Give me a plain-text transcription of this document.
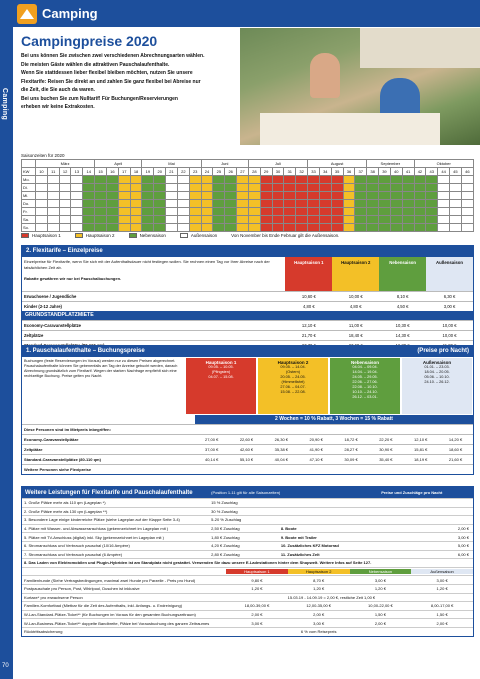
Camping
70
Camping
Campingpreise 2020

Bei uns können Sie zwischen zwei verschiedenen Abrechnungsarten wählen.
Die meisten Gäste wählen die attraktiven Pauschalaufenthalte.
Wenn Sie stattdessen lieber flexibel bleiben möchten, nutzen Sie unsere
Flexitarife: Reisen Sie direkt an und zahlen Sie ganz flexibel bei Abreise nur
die Zeit, die Sie auch da waren.
Bei uns buchen Sie zum Nulltarif! Für Buchungen/Reservierungen
erheben wir keine Extrakosten.

Saisonzeiten für 2020
	März					April				Mai					Juni				Juli					August					September				Oktober				
KW	10	11	12	13	14	15	16	17	18	19	20	21	22	23	24	25	26	27	28	29	30	31	32	33	34	35	36	37	38	39	40	41	42	43	44	45	46
Mo.																																					
Di.																																					
Mi.																																					
Do.																																					
Fr.																																					
Sa.																																					
So.																																					
Hauptsaison 1	Hauptsaison 2	Nebensaison	Außensaison	Von November bis Ende Februar gilt die Außensaison.
2. Flexitarife – Einzelpreise
Einzelpreise für Flexitarife, wenn Sie sich mit der Aufenthaltsdauer nicht festlegen wollen. Sie rechnen einen Tag vor Ihrer Abreise nach der tatsächlichen Zeit ab.

Rabatte gewähren wir nur bei Pauschalbuchungen.
Hauptsaison 1	Hauptsaison 2	Nebensaison	Außensaison
Erwachsene / Jugendliche	10,60 €	10,00 €	8,10 €	6,30 €
Kinder (2-12 Jahre)	4,80 €	4,80 €	4,50 €	3,00 €
GRUNDSTANDPLATZMIETE
Economy-Caravanstellplätze	12,10 €	11,00 €	10,30 €	10,00 €
Zeltplätze	21,70 €	18,40 €	14,30 €	10,00 €
1. Pauschalaufenthalte – Buchungspreise	(Preise pro Nacht)
Buchungen (feste Reservierungen im Voraus) werden nur zu diesen Preisen abgerechnet. Pauschalaufenthalte können Sie gebenenfalls am Tag der Anreise gebucht werden, danach Abrechnung grundsätzlich zum Flexitarif. Wegen der starken Nachfrage empfiehlt sich eine rechtzeitige Buchung. Preise gelten pro Nacht.
Hauptsaison 1
09.05. – 10.05.
(Pfingsten)
04.07. – 15.08.
Hauptsaison 2
09.05. – 14.04.
(Ostern)
20.05. – 24.05.
(Himmelfahrt)
27.06. – 04.07.
15.08. – 22.08.
Nebensaison
04.04. – 09.04.
14.04. – 19.04.
24.05. – 29.05.
22.06. – 27.06.
22.08. – 10.10.
10.10. – 24.10.
26.12. – 03.01.
Außensaison
01.01. – 23.03.
18.04. – 20.05.
05.06. – 10.10.
24.10. – 26.12.
2 Wochen = 10 % Rabatt, 3 Wochen = 15 % Rabatt
Diese Personen sind im Mietpreis inbegriffen:
Economy-Caravanstellplätze	27,00 €	22,60 €	26,30 €	20,90 €	18,72 €	22,20 €	12,10 €	14,20 €
Zeltplätze	37,00 €	42,60 €	35,38 €	41,90 €	28,27 €	30,90 €	15,81 €	18,60 €
Standard-Caravanstellplätze (80-110 qm)	40,14 €	55,10 €	40,04 €	47,10 €	30,09 €	35,40 €	18,19 €	21,60 €
Weitere Personen siehe Flexipreise
Weitere Leistungen für Flexitarife und Pauschalaufenthalte	(Position 1-11 gilt für alle Saisonzeiten)	Preise und Zuschläge pro Nacht
1. Große Plätze mehr als 110 qm (Lageplan *)	15 % Zuschlag
2. Große Plätze mehr als 130 qm (Lageplan **)	30 % Zuschlag
3. Besondere Lage einige kinderreiche Plätze (siehe Lageplan auf der Klappe Seite 3-4)	5-20 % Zuschlag
4. Plätze mit Wasser- und Abwasseranschluss (gekennzeichnet im Lageplan mit )	2,50 € Zuschlag	8. Boote	2,00 €
5. Plätze mit TV-Anschluss (digital) inkl. Sky (gekennzeichnet im Lageplan mit )	1,80 € Zuschlag	9. Boote mit Trailer	3,00 €
6. Stromanschluss und Verbrauch pauschal (10/16 Ampère)	4,20 € Zuschlag	10. Zusätzliches KFZ Motorrad	5,00 €
7. Stromanschluss und Verbrauch pauschal (6 Ampère)	2,80 € Zuschlag	11. Zusätzliches Zelt	6,00 €
8. Das Laden von Elektromobilen und Plugin-Hybriden ist am Standplatz nicht gestattet. Verwenden Sie dazu unsere E-Ladestationen hinter dem Shopwelt. Weitere Infos auf Seite 127.
Hauptsaison 1	Hauptsaison 2	Nebensaison	Außensaison
Familienhunde (Siehe Vertragsbedingungen, maximal zwei Hunde pro Parzelle - Preis pro Hund)	9,80 €	8,70 €	3,00 €	3,00 €
Postpauschale pro Person, Post, Whirlpool, Duschen ist inklusive	1,20 €	1,20 €	1,20 €	1,20 €
Kurtaxe* pro erwachsene Person	15.03.19 - 14.09.19 = 2,00 €, restliche Zeit 1,00 €
Familien-Komfortbad (Mietbar für die Zeit des Aufenthalts, inkl. Anfangs- u. Endreinigung)	18,00-39,00 €	12,00-35,00 €	10,00-22,00 €	8,00-17,00 €
W-Lan-Standard-Plätze-Ticket** (für Buchungen im Voraus für den gesamten Buchungszeitraum)	2,00 €	2,00 €	1,50 €	1,50 €
W-Lan-Business-Plätze-Ticket** doppelte Bandbreite, Plätze bei Vorausbuchung des ganzen Zeitraumes	3,00 €	3,00 €	2,00 €	2,00 €
Rücktrittsabsicherung	6 % vom Reisepreis
